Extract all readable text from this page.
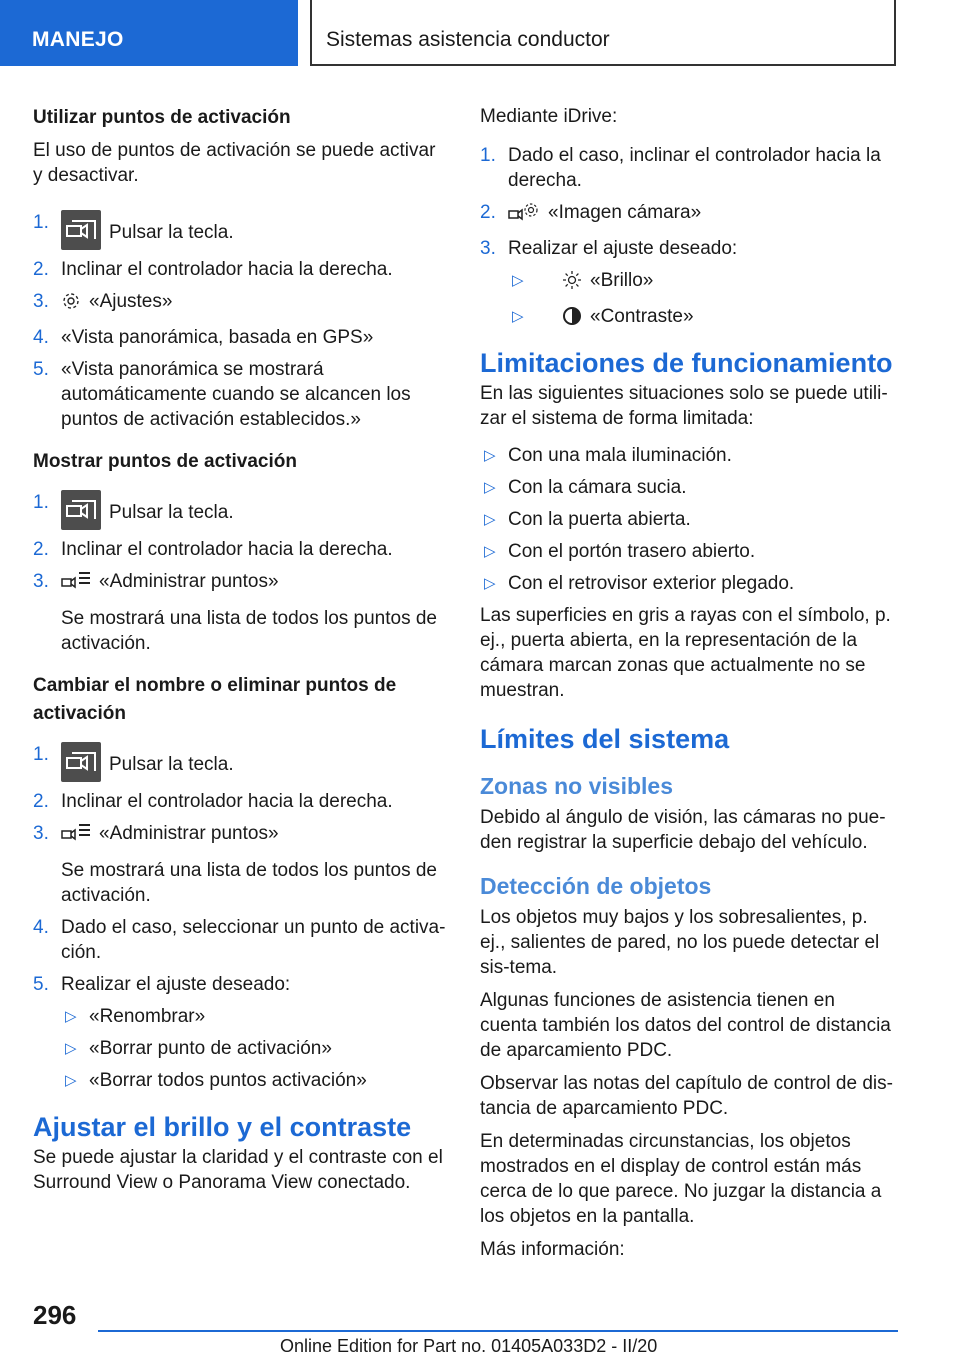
MANEJO	Sistemas asistencia conductor
Utilizar puntos de activación

El uso de puntos de activación se puede activar y desactivar.

1.	Pulsar la tecla.
2. Inclinar el controlador hacia la derecha.
3. «Ajustes»
4. «Vista panorámica, basada en GPS»
5. «Vista panorámica se mostrará automáticamente cuando se alcancen los puntos de activación establecidos.»
Mostrar puntos de activación
1.	Pulsar la tecla.
2. Inclinar el controlador hacia la derecha.
3.	«Administrar puntos»
Se mostrará una lista de todos los puntos de activación.
Cambiar el nombre o eliminar puntos de activación
1.	Pulsar la tecla.
2. Inclinar el controlador hacia la derecha.
3.	«Administrar puntos»
Se mostrará una lista de todos los puntos de activación.
4. Dado el caso, seleccionar un punto de activa-ción.
5. Realizar el ajuste deseado:
▷ «Renombrar»
▷ «Borrar punto de activación»
▷ «Borrar todos puntos activación»
Ajustar el brillo y el contraste

Se puede ajustar la claridad y el contraste con el Surround View o Panorama View conectado.

Mediante iDrive:

1. Dado el caso, inclinar el controlador hacia la derecha.
2.	«Imagen cámara»
3. Realizar el ajuste deseado:
▷	«Brillo»
▷	«Contraste»
Limitaciones de funcionamiento

En las siguientes situaciones solo se puede utili-zar el sistema de forma limitada:

▷ Con una mala iluminación.
▷ Con la cámara sucia.
▷ Con la puerta abierta.
▷ Con el portón trasero abierto.
▷ Con el retrovisor exterior plegado.

Las superficies en gris a rayas con el símbolo, p. ej., puerta abierta, en la representación de la cámara marcan zonas que actualmente no se muestran.

Límites del sistema
Zonas no visibles

Debido al ángulo de visión, las cámaras no pue-den registrar la superficie debajo del vehículo.

Detección de objetos

Los objetos muy bajos y los sobresalientes, p. ej., salientes de pared, no los puede detectar el sis-tema.

Algunas funciones de asistencia tienen en cuenta también los datos del control de distancia de aparcamiento PDC.

Observar las notas del capítulo de control de dis-tancia de aparcamiento PDC.

En determinadas circunstancias, los objetos mostrados en el display de control están más cerca de lo que parece. No juzgar la distancia a los objetos en la pantalla.

Más información:

296
Online Edition for Part no. 01405A033D2 - II/20
